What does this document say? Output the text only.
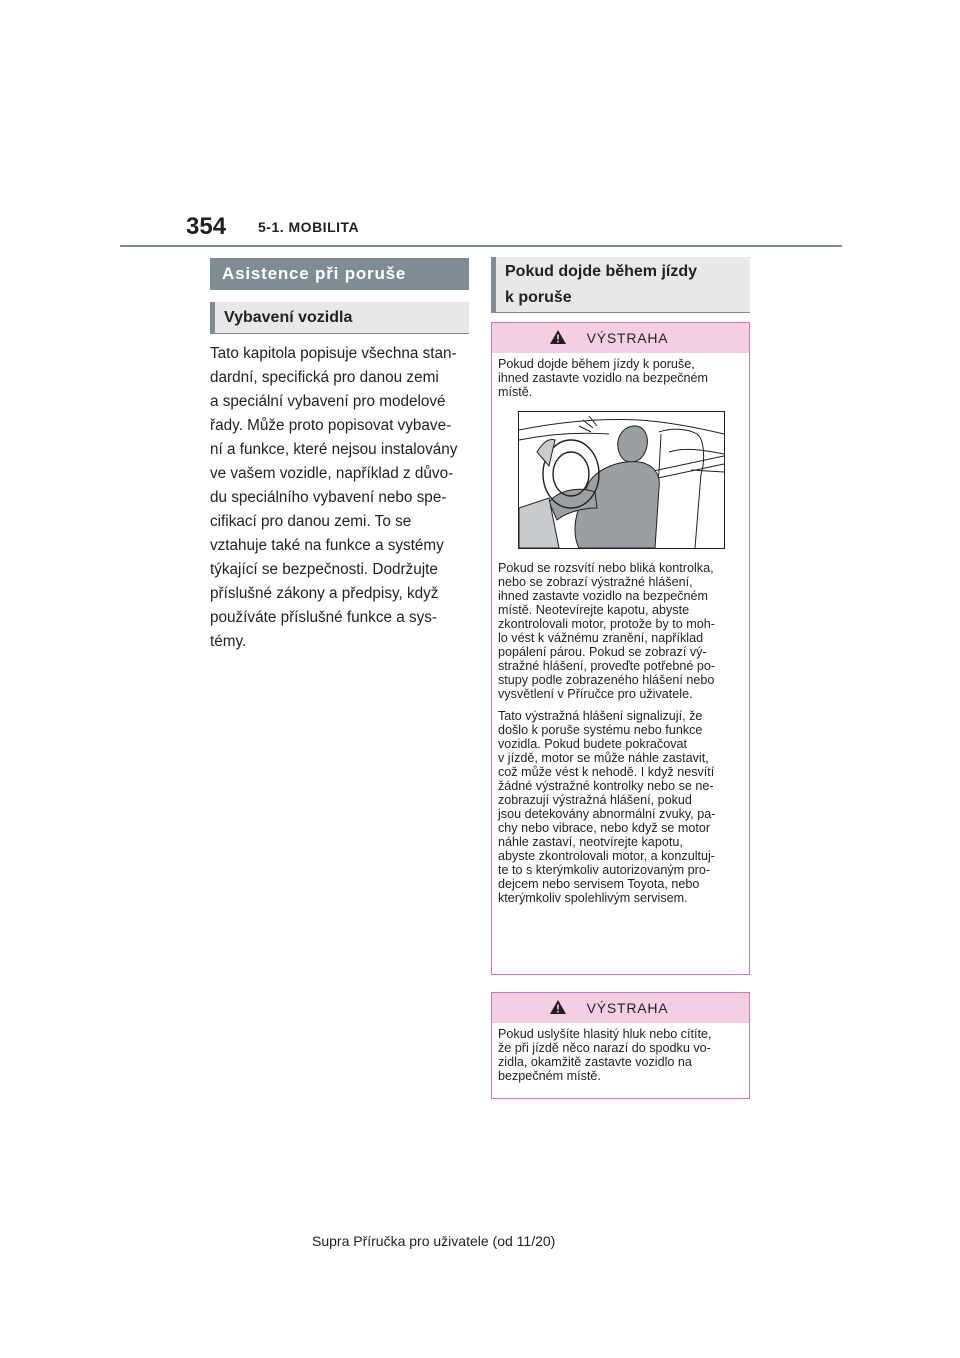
354 5-1. MOBILITA
Asistence při poruše
Vybavení vozidla

Tato kapitola popisuje všechna stan-
dardní, specifická pro danou zemi
a speciální vybavení pro modelové
řady. Může proto popisovat vybave-
ní a funkce, které nejsou instalovány
ve vašem vozidle, například z důvo-
du speciálního vybavení nebo spe-
cifikací pro danou zemi. To se
vztahuje také na funkce a systémy
týkající se bezpečnosti. Dodržujte
příslušné zákony a předpisy, když
používáte příslušné funkce a sys-
témy.

Pokud dojde během jízdy
k poruše
VÝSTRAHA

Pokud dojde během jízdy k poruše,
ihned zastavte vozidlo na bezpečném
místě.

Pokud se rozsvítí nebo bliká kontrolka,
nebo se zobrazí výstražné hlášení,
ihned zastavte vozidlo na bezpečném
místě. Neotevírejte kapotu, abyste
zkontrolovali motor, protože by to moh-
lo vést k vážnému zranění, například
popálení párou. Pokud se zobrazí vý-
stražné hlášení, proveďte potřebné po-
stupy podle zobrazeného hlášení nebo
vysvětlení v Příručce pro uživatele.

Tato výstražná hlášení signalizují, že
došlo k poruše systému nebo funkce
vozidla. Pokud budete pokračovat
v jízdě, motor se může náhle zastavit,
což může vést k nehodě. I když nesvítí
žádné výstražné kontrolky nebo se ne-
zobrazují výstražná hlášení, pokud
jsou detekovány abnormální zvuky, pa-
chy nebo vibrace, nebo když se motor
náhle zastaví, neotvírejte kapotu,
abyste zkontrolovali motor, a konzultuj-
te to s kterýmkoliv autorizovaným pro-
dejcem nebo servisem Toyota, nebo
kterýmkoliv spolehlivým servisem.

VÝSTRAHA

Pokud uslyšíte hlasitý hluk nebo cítíte,
že při jízdě něco narazí do spodku vo-
zidla, okamžitě zastavte vozidlo na
bezpečném místě.

Supra Příručka pro uživatele (od 11/20)
